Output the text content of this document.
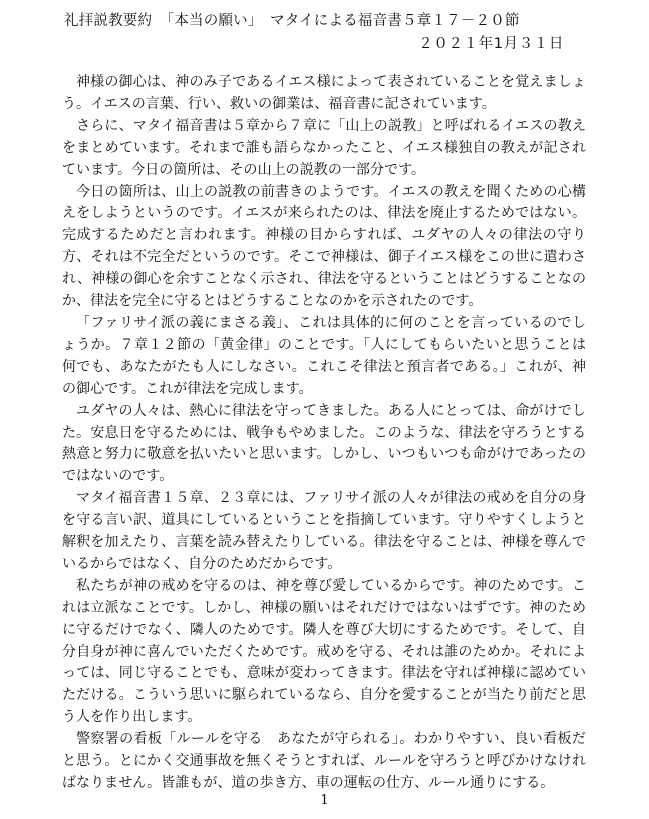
礼拝説教要約　「本当の願い」　マタイによる福音書５章１７－２０節
２０２１年1月３１日

神様の御心は、神のみ子であるイエス様によって表されていることを覚えましょう。イエスの言葉、行い、救いの御業は、福音書に記されています。

さらに、マタイ福音書は５章から７章に「山上の説教」と呼ばれるイエスの教えをまとめています。それまで誰も語らなかったこと、イエス様独自の教えが記されています。今日の箇所は、その山上の説教の一部分です。

今日の箇所は、山上の説教の前書きのようです。イエスの教えを聞くための心構えをしようというのです。イエスが来られたのは、律法を廃止するためではない。完成するためだと言われます。神様の目からすれば、ユダヤの人々の律法の守り方、それは不完全だというのです。そこで神様は、御子イエス様をこの世に遣わされ、神様の御心を余すことなく示され、律法を守るということはどうすることなのか、律法を完全に守るとはどうすることなのかを示されたのです。

「ファリサイ派の義にまさる義」、これは具体的に何のことを言っているのでしょうか。７章１２節の「黄金律」のことです。「人にしてもらいたいと思うことは何でも、あなたがたも人にしなさい。これこそ律法と預言者である。」これが、神の御心です。これが律法を完成します。

ユダヤの人々は、熱心に律法を守ってきました。ある人にとっては、命がけでした。安息日を守るためには、戦争もやめました。このような、律法を守ろうとする熱意と努力に敬意を払いたいと思います。しかし、いつもいつも命がけであったのではないのです。

マタイ福音書１５章、２３章には、ファリサイ派の人々が律法の戒めを自分の身を守る言い訳、道具にしているということを指摘しています。守りやすくしようと解釈を加えたり、言葉を読み替えたりしている。律法を守ることは、神様を尊んでいるからではなく、自分のためだからです。

私たちが神の戒めを守るのは、神を尊び愛しているからです。神のためです。これは立派なことです。しかし、神様の願いはそれだけではないはずです。神のために守るだけでなく、隣人のためです。隣人を尊び大切にするためです。そして、自分自身が神に喜んでいただくためです。戒めを守る、それは誰のためか。それによっては、同じ守ることでも、意味が変わってきます。律法を守れば神様に認めていただける。こういう思いに駆られているなら、自分を愛することが当たり前だと思う人を作り出します。

警察署の看板「ルールを守る　あなたが守られる」。わかりやすい、良い看板だと思う。とにかく交通事故を無くそうとすれば、ルールを守ろうと呼びかけなければなりません。皆誰もが、道の歩き方、車の運転の仕方、ルール通りにする。

1
